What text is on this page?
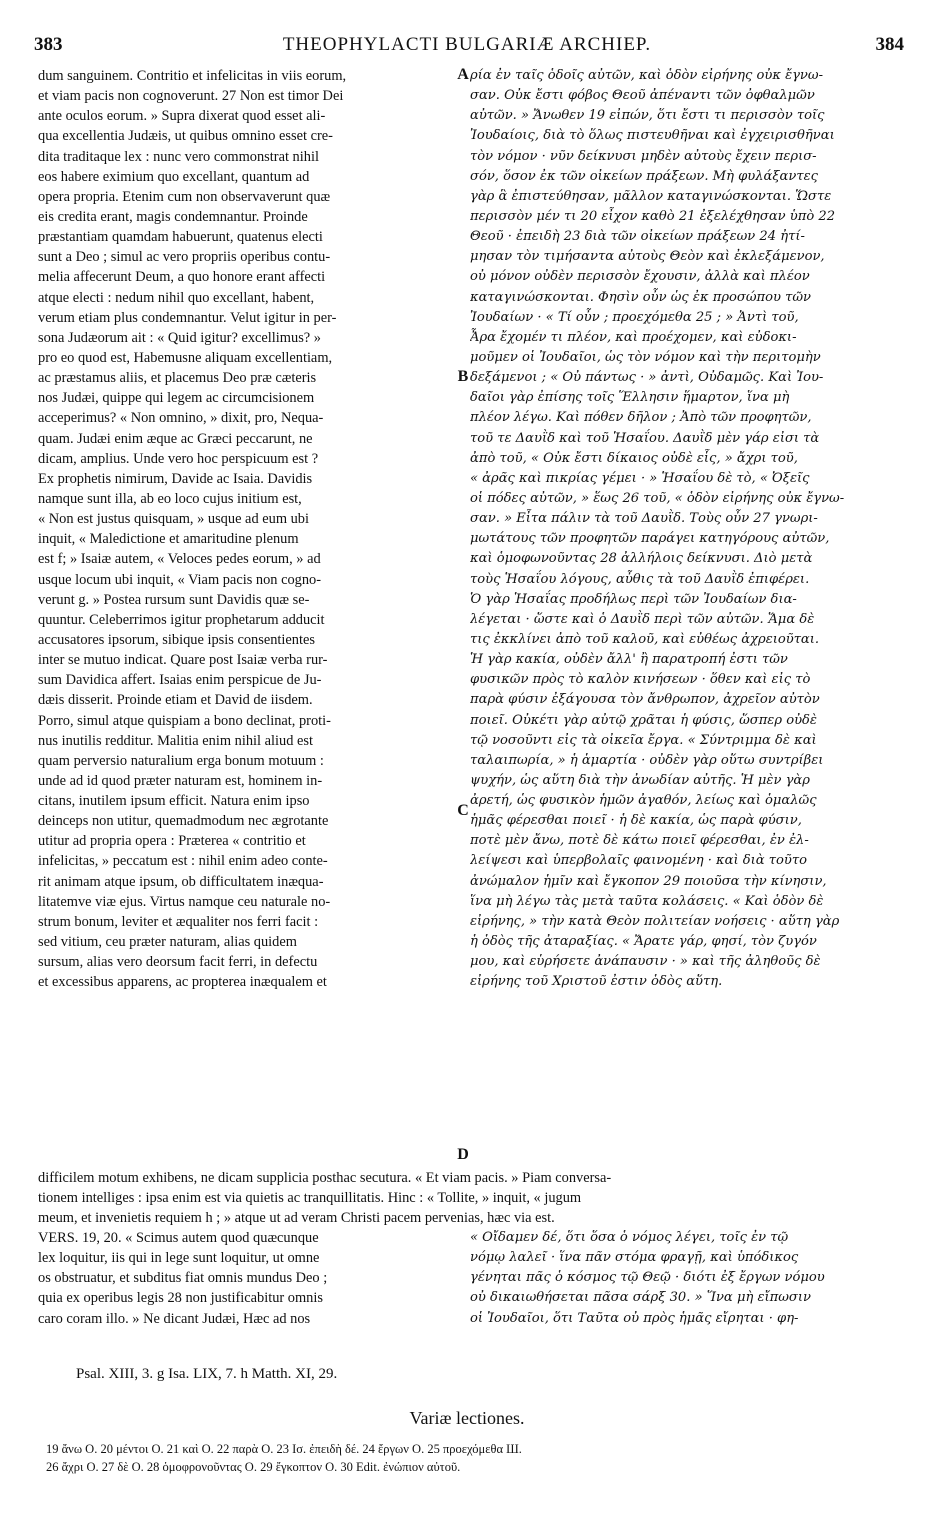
383	THEOPHYLACTI BULGARIÆ ARCHIEP.	384
dum sanguinem. Contritio et infelicitas in viis eorum,
et viam pacis non cognoverunt. 27 Non est timor Dei
ante oculos eorum. » Supra dixerat quod esset ali-
qua excellentia Judæis, ut quibus omnino esset cre-
dita traditaque lex : nunc vero commonstrat nihil
eos habere eximium quo excellant, quantum ad
opera propria. Etenim cum non observaverunt quæ
eis credita erant, magis condemnantur. Proinde
præstantiam quamdam habuerunt, quatenus electi
sunt a Deo ; simul ac vero propriis operibus contu-
melia affecerunt Deum, a quo honore erant affecti
atque electi : nedum nihil quo excellant, habent,
verum etiam plus condemnantur. Velut igitur in per-
sona Judæorum ait : « Quid igitur? excellimus? »
pro eo quod est, Habemusne aliquam excellentiam,
ac præstamus aliis, et placemus Deo præ cæteris
nos Judæi, quippe qui legem ac circumcisionem
acceperimus? « Non omnino, » dixit, pro, Nequa-
quam. Judæi enim æque ac Græci peccarunt, ne
dicam, amplius. Unde vero hoc perspicuum est ?
Ex prophetis nimirum, Davide ac Isaia. Davidis
namque sunt illa, ab eo loco cujus initium est,
« Non est justus quisquam, » usque ad eum ubi
inquit, « Maledictione et amaritudine plenum
est f; » Isaiæ autem, « Veloces pedes eorum, » ad
usque locum ubi inquit, « Viam pacis non cogno-
verunt g. » Postea rursum sunt Davidis quæ se-
quuntur. Celeberrimos igitur prophetarum adducit
accusatores ipsorum, sibique ipsis consentientes
inter se mutuo indicat. Quare post Isaiæ verba rur-
sum Davidica affert. Isaias enim perspicue de Ju-
dæis disserit. Proinde etiam et David de iisdem.
Porro, simul atque quispiam a bono declinat, proti-
nus inutilis redditur. Malitia enim nihil aliud est
quam perversio naturalium erga bonum motuum :
unde ad id quod præter naturam est, hominem in-
citans, inutilem ipsum efficit. Natura enim ipso
deinceps non utitur, quemadmodum nec ægrotante
utitur ad propria opera : Præterea « contritio et
infelicitas, » peccatum est : nihil enim adeo conte-
rit animam atque ipsum, ob difficultatem inæqua-
litatemve viæ ejus. Virtus namque ceu naturale no-
strum bonum, leviter et æqualiter nos ferri facit :
sed vitium, ceu præter naturam, alias quidem
sursum, alias vero deorsum facit ferri, in defectu
et excessibus apparens, ac propterea inæqualem et
A
B
C
D
ρία ἐν ταῖς ὁδοῖς αὐτῶν, καὶ ὁδὸν εἰρήνης οὐκ ἔγνω-
σαν. Οὐκ ἔστι φόβος Θεοῦ ἀπέναντι τῶν ὀφθαλμῶν
αὐτῶν. » Ἄνωθεν 19 εἰπών, ὅτι ἔστι τι περισσὸν τοῖς
Ἰουδαίοις, διὰ τὸ ὅλως πιστευθῆναι καὶ ἐγχειρισθῆναι
τὸν νόμον · νῦν δείκνυσι μηδὲν αὐτοὺς ἔχειν περισ-
σόν, ὅσον ἐκ τῶν οἰκείων πράξεων. Μὴ φυλάξαντες
γὰρ ἃ ἐπιστεύθησαν, μᾶλλον καταγινώσκονται. Ὥστε
περισσὸν μέν τι 20 εἶχον καθὸ 21 ἐξελέχθησαν ὑπὸ 22
Θεοῦ · ἐπειδὴ 23 διὰ τῶν οἰκείων πράξεων 24 ἠτί-
μησαν τὸν τιμήσαντα αὐτοὺς Θεὸν καὶ ἐκλεξάμενον,
οὐ μόνον οὐδὲν περισσὸν ἔχουσιν, ἀλλὰ καὶ πλέον
καταγινώσκονται. Φησὶν οὖν ὡς ἐκ προσώπου τῶν
Ἰουδαίων · « Τί οὖν ; προεχόμεθα 25 ; » Ἀντὶ τοῦ,
Ἆρα ἔχομέν τι πλέον, καὶ προέχομεν, καὶ εὐδοκι-
μοῦμεν οἱ Ἰουδαῖοι, ὡς τὸν νόμον καὶ τὴν περιτομὴν
δεξάμενοι ; « Οὐ πάντως · » ἀντὶ, Οὐδαμῶς. Καὶ Ἰου-
δαῖοι γὰρ ἐπίσης τοῖς Ἕλλησιν ἥμαρτον, ἵνα μὴ
πλέον λέγω. Καὶ πόθεν δῆλον ; Ἀπὸ τῶν προφητῶν,
τοῦ τε Δαυῒδ καὶ τοῦ Ἡσαΐου. Δαυῒδ μὲν γάρ εἰσι τὰ
ἀπὸ τοῦ, « Οὐκ ἔστι δίκαιος οὐδὲ εἷς, » ἄχρι τοῦ,
« ἀρᾶς καὶ πικρίας γέμει · » Ἡσαΐου δὲ τὸ, « Ὀξεῖς
οἱ πόδες αὐτῶν, » ἕως 26 τοῦ, « ὁδὸν εἰρήνης οὐκ ἔγνω-
σαν. » Εἶτα πάλιν τὰ τοῦ Δαυῒδ. Τοὺς οὖν 27 γνωρι-
μωτάτους τῶν προφητῶν παράγει κατηγόρους αὐτῶν,
καὶ ὁμοφωνοῦντας 28 ἀλλήλοις δείκνυσι. Διὸ μετὰ
τοὺς Ἡσαΐου λόγους, αὖθις τὰ τοῦ Δαυῒδ ἐπιφέρει.
Ὁ γὰρ Ἡσαΐας προδήλως περὶ τῶν Ἰουδαίων δια-
λέγεται · ὥστε καὶ ὁ Δαυῒδ περὶ τῶν αὐτῶν. Ἅμα δὲ
τις ἐκκλίνει ἀπὸ τοῦ καλοῦ, καὶ εὐθέως ἀχρειοῦται.
Ἡ γὰρ κακία, οὐδὲν ἄλλ' ἢ παρατροπή ἐστι τῶν
φυσικῶν πρὸς τὸ καλὸν κινήσεων · ὅθεν καὶ εἰς τὸ
παρὰ φύσιν ἐξάγουσα τὸν ἄνθρωπον, ἀχρεῖον αὐτὸν
ποιεῖ. Οὐκέτι γὰρ αὐτῷ χρᾶται ἡ φύσις, ὥσπερ οὐδὲ
τῷ νοσοῦντι εἰς τὰ οἰκεῖα ἔργα. « Σύντριμμα δὲ καὶ
ταλαιπωρία, » ἡ ἁμαρτία · οὐδὲν γὰρ οὕτω συντρίβει
ψυχήν, ὡς αὕτη διὰ τὴν ἀνωδίαν αὐτῆς. Ἡ μὲν γὰρ
ἀρετή, ὡς φυσικὸν ἡμῶν ἀγαθόν, λείως καὶ ὁμαλῶς
ἡμᾶς φέρεσθαι ποιεῖ · ἡ δὲ κακία, ὡς παρὰ φύσιν,
ποτὲ μὲν ἄνω, ποτὲ δὲ κάτω ποιεῖ φέρεσθαι, ἐν ἐλ-
λείψεσι καὶ ὑπερβολαῖς φαινομένη · καὶ διὰ τοῦτο
ἀνώμαλον ἡμῖν καὶ ἔγκοπον 29 ποιοῦσα τὴν κίνησιν,
ἵνα μὴ λέγω τὰς μετὰ ταῦτα κολάσεις. « Καὶ ὁδὸν δὲ
εἰρήνης, » τὴν κατὰ Θεὸν πολιτείαν νοήσεις · αὕτη γὰρ
ἡ ὁδὸς τῆς ἀταραξίας. « Ἄρατε γάρ, φησί, τὸν ζυγόν
μου, καὶ εὑρήσετε ἀνάπαυσιν · » καὶ τῆς ἀληθοῦς δὲ
εἰρήνης τοῦ Χριστοῦ ἐστιν ὁδὸς αὕτη.
difficilem motum exhibens, ne dicam supplicia posthac secutura. « Et viam pacis. » Piam conversa-
tionem intelliges : ipsa enim est via quietis ac tranquillitatis. Hinc : « Tollite, » inquit, « jugum
meum, et invenietis requiem h ; » atque ut ad veram Christi pacem pervenias, hæc via est.
VERS. 19, 20. « Scimus autem quod quæcunque
lex loquitur, iis qui in lege sunt loquitur, ut omne
os obstruatur, et subditus fiat omnis mundus Deo ;
quia ex operibus legis 28 non justificabitur omnis
caro coram illo. » Ne dicant Judæi, Hæc ad nos
« Οἴδαμεν δέ, ὅτι ὅσα ὁ νόμος λέγει, τοῖς ἐν τῷ
νόμῳ λαλεῖ · ἵνα πᾶν στόμα φραγῇ, καὶ ὑπόδικος
γένηται πᾶς ὁ κόσμος τῷ Θεῷ · διότι ἐξ ἔργων νόμου
οὐ δικαιωθήσεται πᾶσα σάρξ 30. » Ἵνα μὴ εἴπωσιν
οἱ Ἰουδαῖοι, ὅτι Ταῦτα οὐ πρὸς ἡμᾶς εἴρηται · φη-
Psal. XIII, 3. g Isa. LIX, 7. h Matth. XI, 29.
Variæ lectiones.
19 ἄνω Ο. 20 μέντοι Ο. 21 καὶ Ο. 22 παρὰ Ο. 23 Ισ. ἐπειδὴ δέ. 24 ἔργων Ο. 25 προεχόμεθα Ш.
26 ἄχρι Ο. 27 δὲ Ο. 28 ὁμοφρονοῦντας Ο. 29 ἔγκοπτον Ο. 30 Edit. ἐνώπιον αὐτοῦ.
